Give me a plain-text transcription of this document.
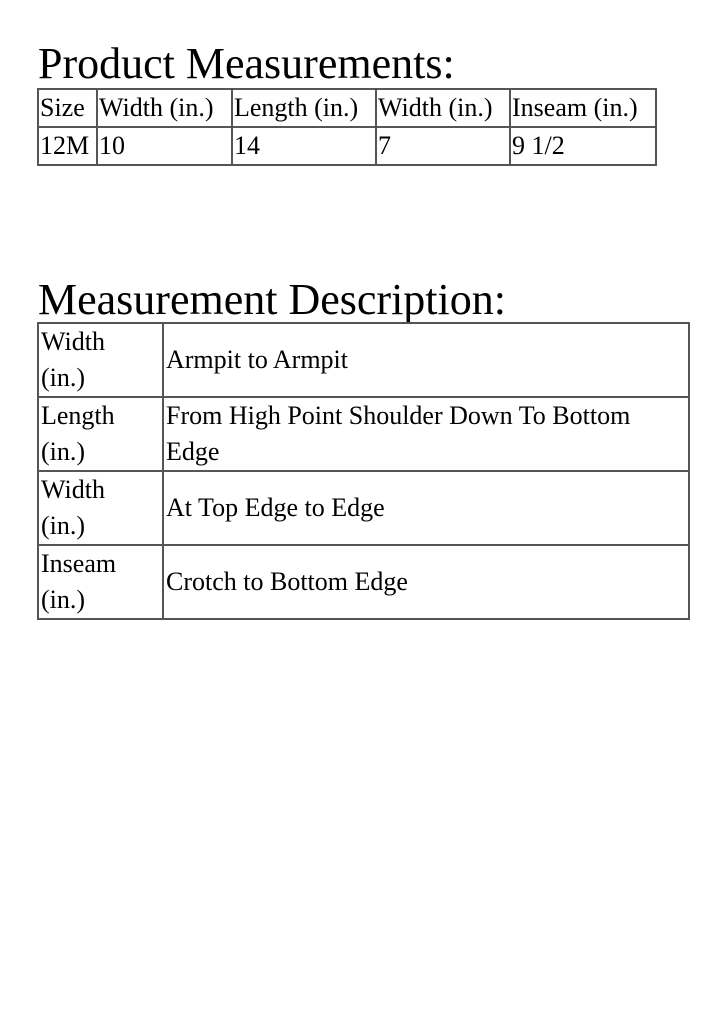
Product Measurements:
Size	Width (in.)	Length (in.)	Width (in.)	Inseam (in.)
12M	10	14	7	9 1/2
Measurement Description:
Width
(in.)	Armpit to Armpit
Length
(in.)	From High Point Shoulder Down To Bottom Edge
Width
(in.)	At Top Edge to Edge
Inseam
(in.)	Crotch to Bottom Edge
